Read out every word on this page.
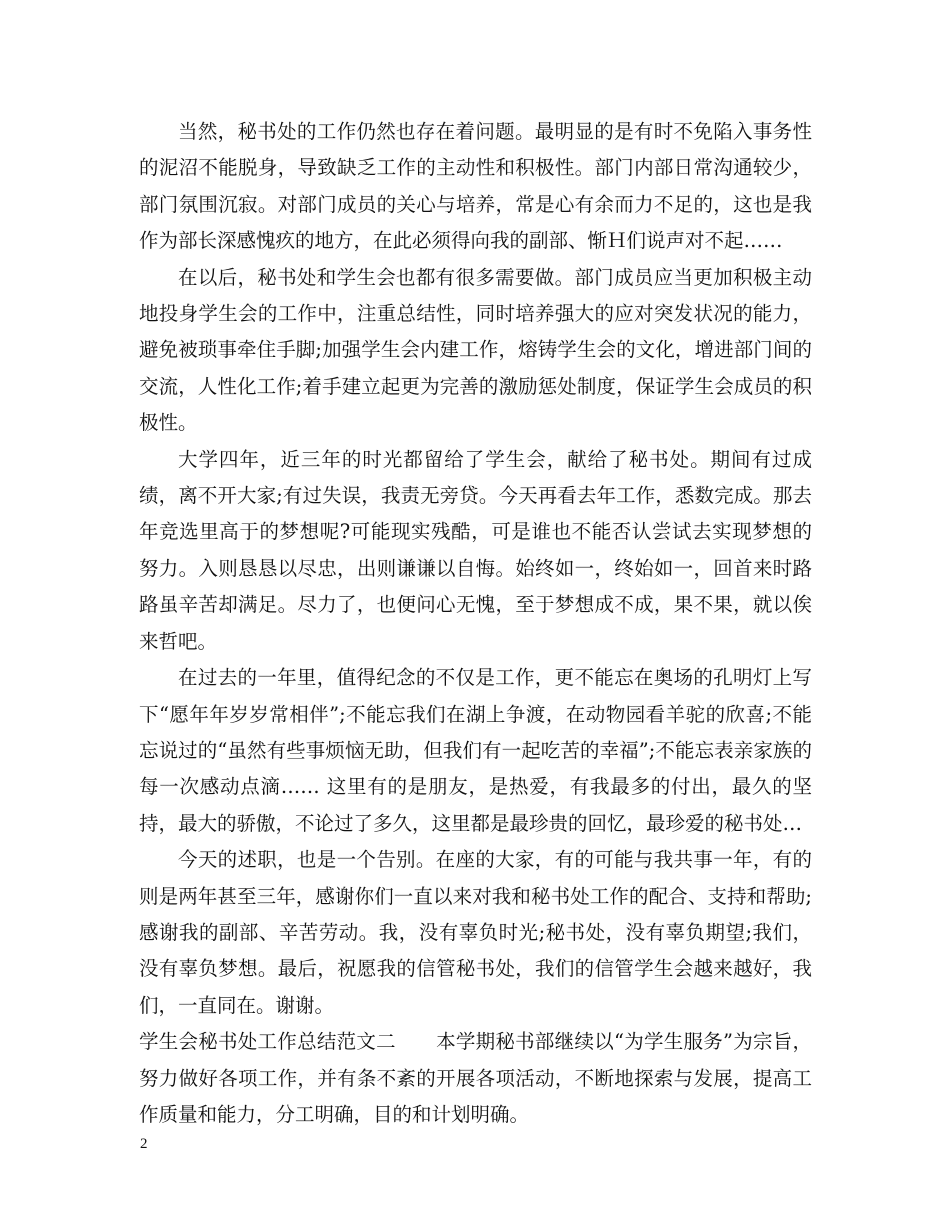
当然，秘书处的工作仍然也存在着问题。最明显的是有时不免陷入事务性的泥沼不能脱身，导致缺乏工作的主动性和积极性。部门内部日常沟通较少，部门氛围沉寂。对部门成员的关心与培养，常是心有余而力不足的，这也是我作为部长深感愧疚的地方，在此必须得向我的副部、惭Ｈ们说声对不起……

在以后，秘书处和学生会也都有很多需要做。部门成员应当更加积极主动地投身学生会的工作中，注重总结性，同时培养强大的应对突发状况的能力，避免被琐事牵住手脚;加强学生会内建工作，熔铸学生会的文化，增进部门间的交流，人性化工作;着手建立起更为完善的激励惩处制度，保证学生会成员的积极性。

大学四年，近三年的时光都留给了学生会，献给了秘书处。期间有过成绩，离不开大家;有过失误，我责无旁贷。今天再看去年工作，悉数完成。那去年竞选里高于的梦想呢?可能现实残酷，可是谁也不能否认尝试去实现梦想的努力。入则恳恳以尽忠，出则谦谦以自悔。始终如一，终始如一，回首来时路路虽辛苦却满足。尽力了，也便问心无愧，至于梦想成不成，果不果，就以俟来哲吧。

在过去的一年里，值得纪念的不仅是工作，更不能忘在奥场的孔明灯上写下“愿年年岁岁常相伴”;不能忘我们在湖上争渡，在动物园看羊驼的欣喜;不能忘说过的“虽然有些事烦恼无助，但我们有一起吃苦的幸福”;不能忘表亲家族的每一次感动点滴…… 这里有的是朋友，是热爱，有我最多的付出，最久的坚持，最大的骄傲，不论过了多久，这里都是最珍贵的回忆，最珍爱的秘书处…

今天的述职，也是一个告别。在座的大家，有的可能与我共事一年，有的则是两年甚至三年，感谢你们一直以来对我和秘书处工作的配合、支持和帮助;感谢我的副部、辛苦劳动。我，没有辜负时光;秘书处，没有辜负期望;我们，没有辜负梦想。最后，祝愿我的信管秘书处，我们的信管学生会越来越好，我们，一直同在。谢谢。

学生会秘书处工作总结范文二 本学期秘书部继续以“为学生服务”为宗旨，努力做好各项工作，并有条不紊的开展各项活动，不断地探索与发展，提高工作质量和能力，分工明确，目的和计划明确。

2
